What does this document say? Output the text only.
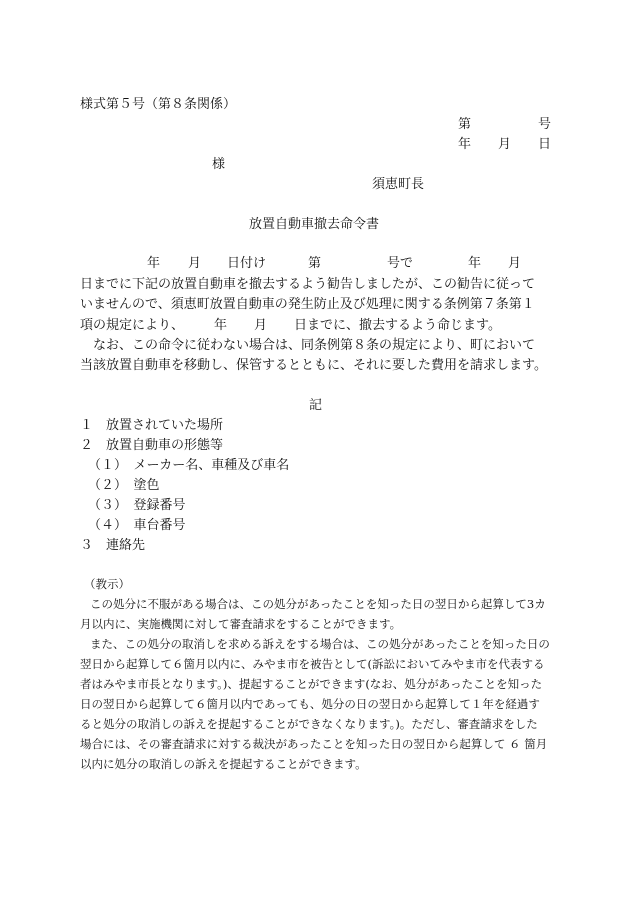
様式第５号（第８条関係）
第	号
年 月 日
様
須恵町長
放置自動車撤去命令書
年 月 日付け	第	号で	年 月
日までに下記の放置自動車を撤去するよう勧告しましたが、この勧告に従って
いませんので、須恵町放置自動車の発生防止及び処理に関する条例第７条第１
項の規定により、 年 月 日までに、撤去するよう命じます。
なお、この命令に従わない場合は、同条例第８条の規定により、町において
当該放置自動車を移動し、保管するとともに、それに要した費用を請求します。
記
１　放置されていた場所
２　放置自動車の形態等
（１）　メーカー名、車種及び車名
（２）　塗色
（３）　登録番号
（４）　車台番号
３　連絡先
（教示）
この処分に不服がある場合は、この処分があったことを知った日の翌日から起算して3カ
月以内に、実施機関に対して審査請求をすることができます。
また、この処分の取消しを求める訴えをする場合は、この処分があったことを知った日の
翌日から起算して６箇月以内に、みやま市を被告として(訴訟においてみやま市を代表する
者はみやま市長となります。)、提起することができます(なお、処分があったことを知った
日の翌日から起算して６箇月以内であっても、処分の日の翌日から起算して１年を経過す
ると処分の取消しの訴えを提起することができなくなります。)。ただし、審査請求をした
場合には、その審査請求に対する裁決があったことを知った日の翌日から起算して ６ 箇月
以内に処分の取消しの訴えを提起することができます。
